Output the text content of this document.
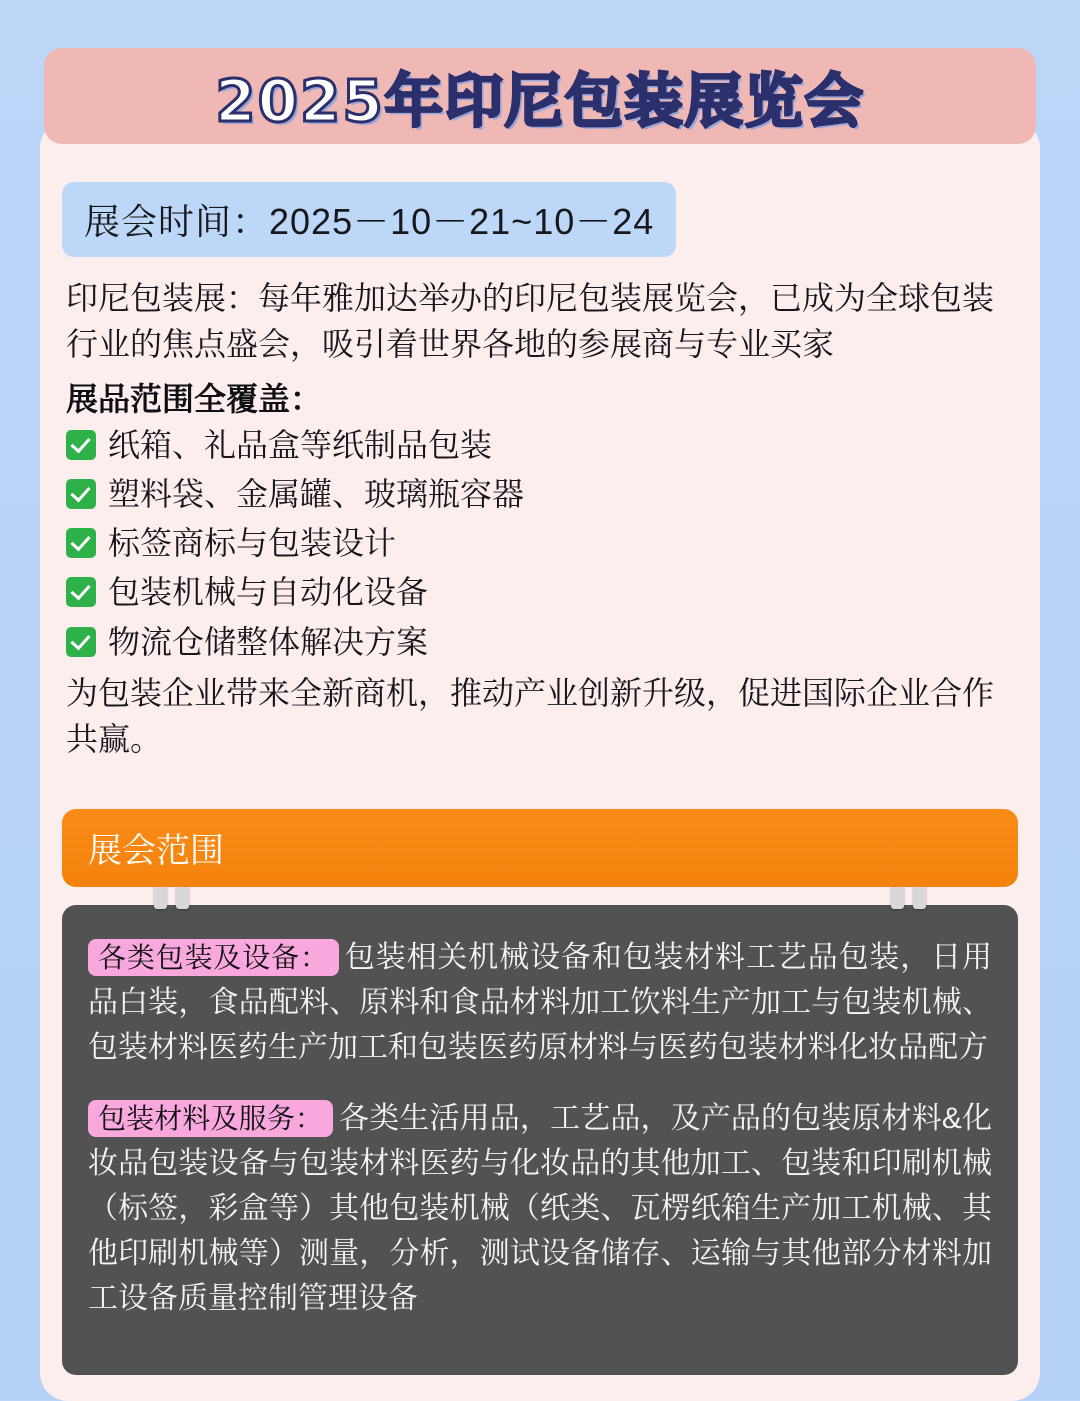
2025年印尼包装展览会
展会时间：2025－10－21~10－24

印尼包装展：每年雅加达举办的印尼包装展览会，已成为全球包装行业的焦点盛会，吸引着世界各地的参展商与专业买家

展品范围全覆盖：
纸箱、礼品盒等纸制品包装
塑料袋、金属罐、玻璃瓶容器
标签商标与包装设计
包装机械与自动化设备
物流仓储整体解决方案

为包装企业带来全新商机，推动产业创新升级，促进国际企业合作共赢。

展会范围

各类包装及设备： 包装相关机械设备和包装材料工艺品包装，日用品白装，食品配料、原料和食品材料加工饮料生产加工与包装机械、包装材料医药生产加工和包装医药原材料与医药包装材料化妆品配方

包装材料及服务： 各类生活用品，工艺品，及产品的包装原材料&化妆品包装设备与包装材料医药与化妆品的其他加工、包装和印刷机械（标签，彩盒等）其他包装机械（纸类、瓦楞纸箱生产加工机械、其他印刷机械等）测量，分析，测试设备储存、运输与其他部分材料加工设备质量控制管理设备
